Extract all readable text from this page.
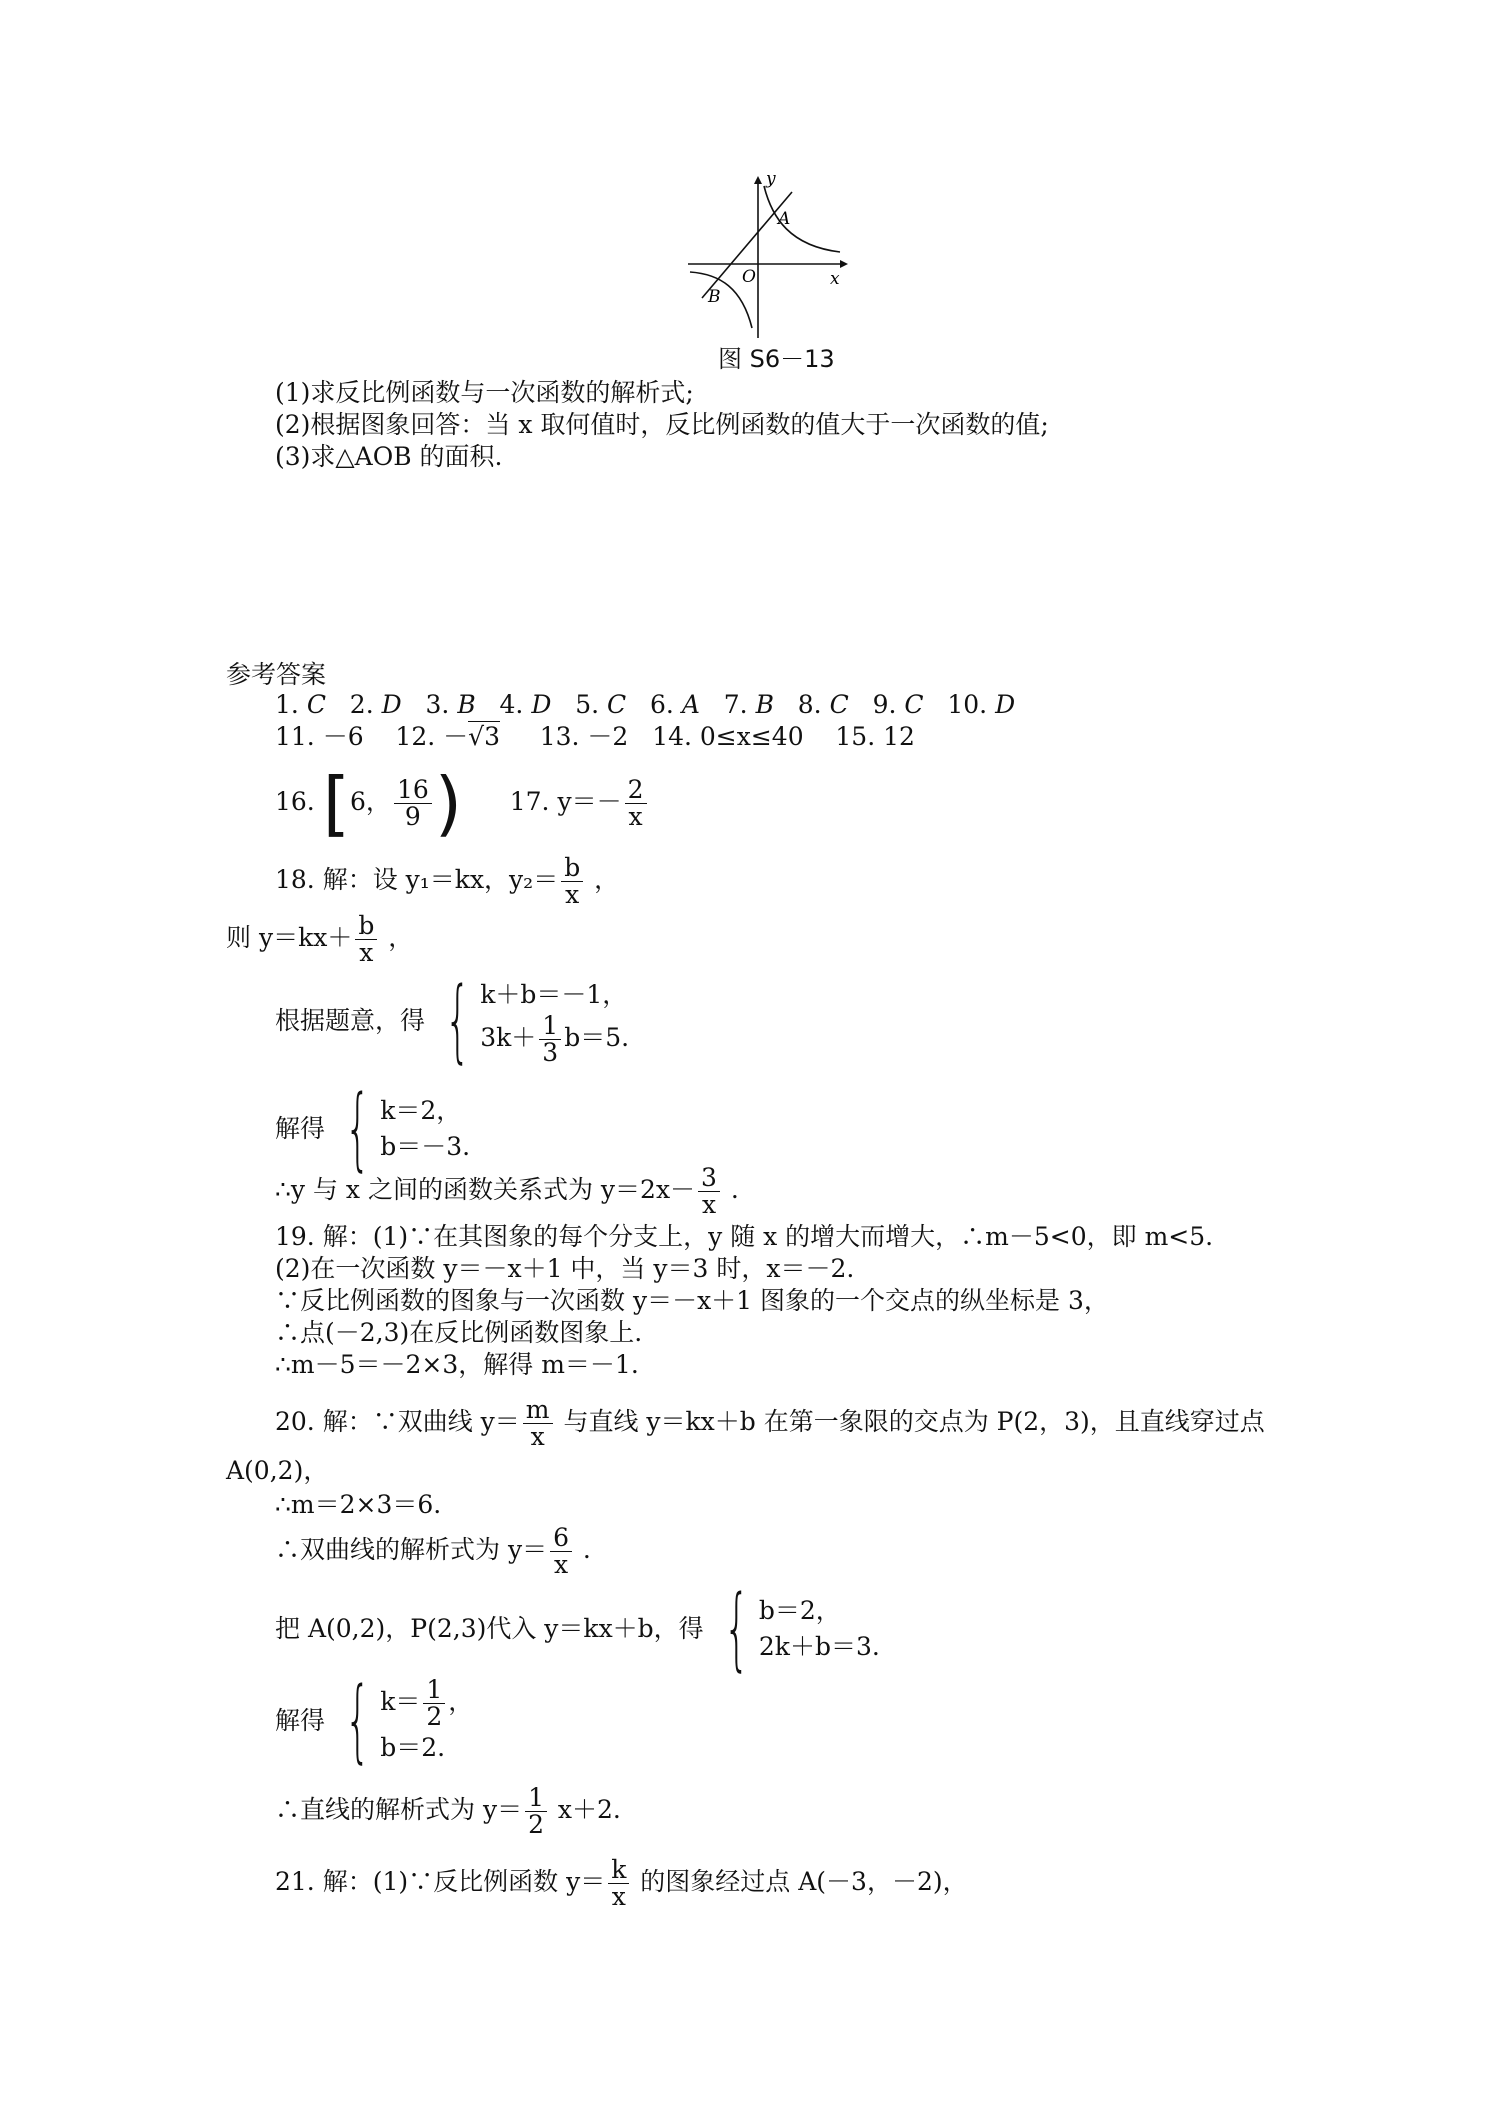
y
x
O
A
B
图 S6－13
(1)求反比例函数与一次函数的解析式;
(2)根据图象回答：当 x 取何值时，反比例函数的值大于一次函数的值;
(3)求△AOB 的面积.
参考答案
1. C 2. D 3. B 4. D 5. C 6. A 7. B 8. C 9. C 10. D
11. －6 12. －√3 13. －2 14. 0≤x≤40 15. 12
16. [6， $\frac{16}{9}$ ) 17. $y=- \frac{2}{x}$
18. 解：设 y₁＝kx，$y_2= \frac{b}{x}$ ，
则 $y=kx+ \frac{b}{x}$ ，
根据题意，得 { k＋b＝－1，
$3k+ \frac{1}{3} b=5$.
解得 { k＝2，
b＝－3.
∴y 与 x 之间的函数关系式为 $y=2x- \frac{3}{x}$ .
19. 解：(1)∵在其图象的每个分支上，y 随 x 的增大而增大，∴m－5<0，即 m<5.
(2)在一次函数 y＝－x＋1 中，当 y＝3 时，x＝－2.
∵反比例函数的图象与一次函数 y＝－x＋1 图象的一个交点的纵坐标是 3，
∴点(－2,3)在反比例函数图象上.
∴m－5＝－2×3，解得 m＝－1.
20. 解：∵双曲线 $y= \frac{m}{x}$ 与直线 y＝kx＋b 在第一象限的交点为 P(2，3)，且直线穿过点
A(0,2)，
∴m＝2×3＝6.
∴双曲线的解析式为 $y= \frac{6}{x}$ .
把 A(0,2)，P(2,3)代入 y＝kx＋b，得 { b＝2，
2k＋b＝3.
解得 { $k= \frac{1}{2}$ ，
b＝2.
∴直线的解析式为 $y= \frac{1}{2} x+2$.
21. 解：(1)∵反比例函数 $y= \frac{k}{x}$ 的图象经过点 A(－3，－2)，
